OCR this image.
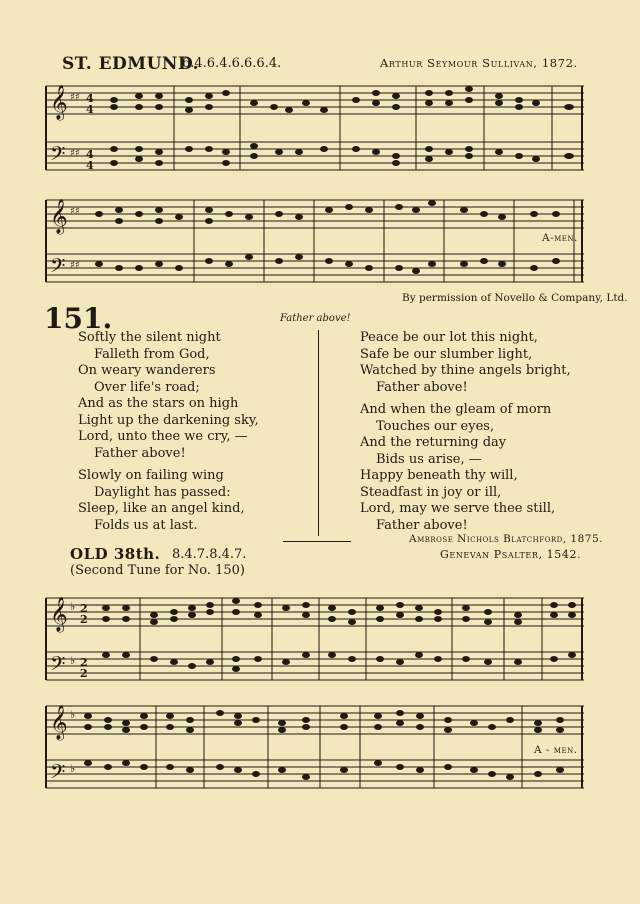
ST. EDMUND.
6.4.6.4.6.6.6.4.	Arthur Seymour Sullivan, 1872.
𝄞
𝄢
♯♯
♯♯
4
4
4
4
𝄞
𝄢
♯♯
♯♯
A-men.
By permission of Novello & Company, Ltd.
151.	Father above!
Softly the silent night
Falleth from God,
On weary wanderers
Over life's road;
And as the stars on high
Light up the darkening sky,
Lord, unto thee we cry, —
Father above!
Slowly on failing wing
Daylight has passed:
Sleep, like an angel kind,
Folds us at last.
Peace be our lot this night,
Safe be our slumber light,
Watched by thine angels bright,
Father above!
And when the gleam of morn
Touches our eyes,
And the returning day
Bids us arise, —
Happy beneath thy will,
Steadfast in joy or ill,
Lord, may we serve thee still,
Father above!
Ambrose Nichols Blatchford, 1875.
OLD 38th. 8.4.7.8.4.7.
(Second Tune for No. 150)
Genevan Psalter, 1542.
𝄞
𝄢
♭
♭
2
2
2
2
𝄞
𝄢
♭
♭
A - men.
